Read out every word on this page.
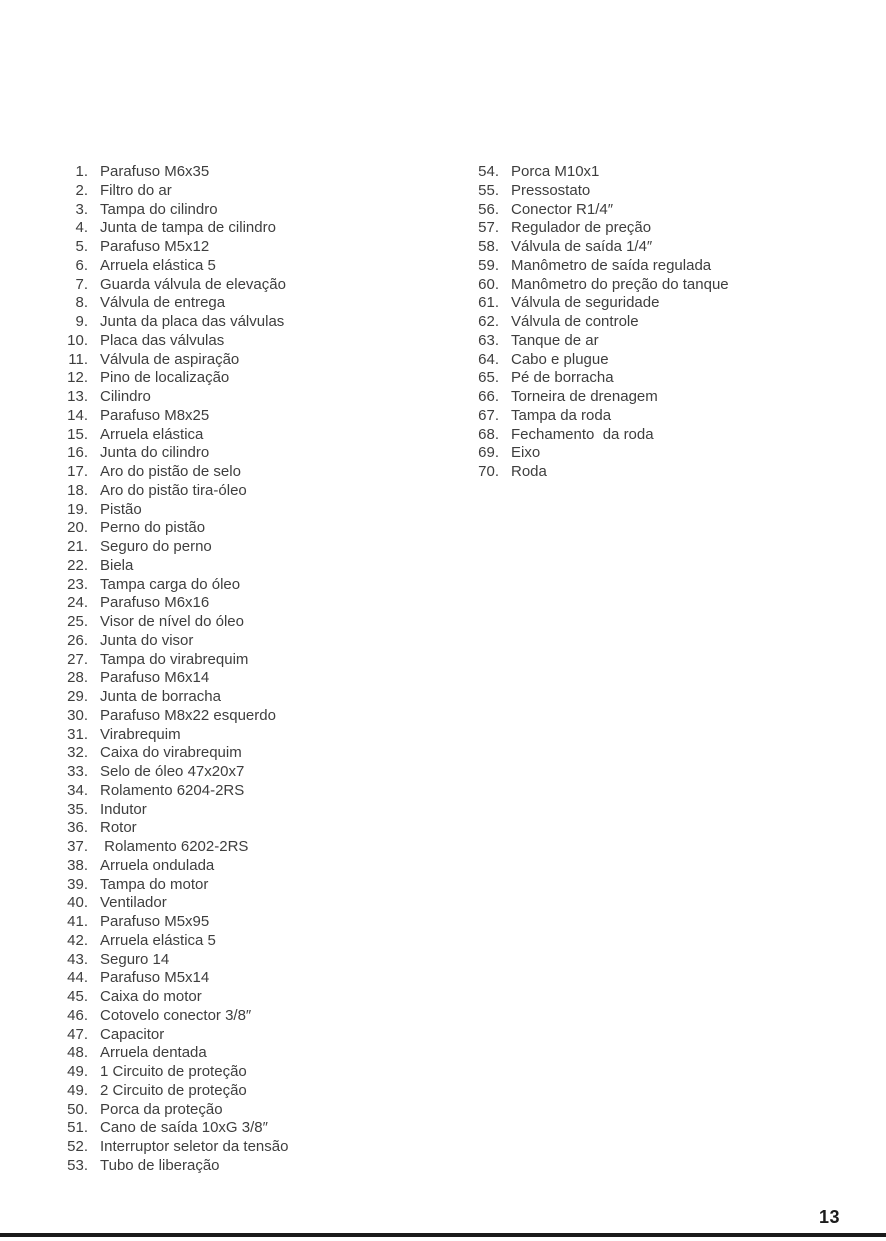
1. Parafuso M6x35
2. Filtro do ar
3. Tampa do cilindro
4. Junta de tampa de cilindro
5. Parafuso M5x12
6. Arruela elástica 5
7. Guarda válvula de elevação
8. Válvula de entrega
9. Junta da placa das válvulas
10. Placa das válvulas
11. Válvula de aspiração
12. Pino de localização
13. Cilindro
14. Parafuso M8x25
15. Arruela elástica
16. Junta do cilindro
17. Aro do pistão de selo
18. Aro do pistão tira-óleo
19. Pistão
20. Perno do pistão
21. Seguro do perno
22. Biela
23. Tampa carga do óleo
24. Parafuso M6x16
25. Visor de nível do óleo
26. Junta do visor
27. Tampa do virabrequim
28. Parafuso M6x14
29. Junta de borracha
30. Parafuso M8x22 esquerdo
31. Virabrequim
32. Caixa do virabrequim
33. Selo de óleo 47x20x7
34. Rolamento 6204-2RS
35. Indutor
36. Rotor
37. Rolamento 6202-2RS
38. Arruela ondulada
39. Tampa do motor
40. Ventilador
41. Parafuso M5x95
42. Arruela elástica 5
43. Seguro 14
44. Parafuso M5x14
45. Caixa do motor
46. Cotovelo conector 3/8″
47. Capacitor
48. Arruela dentada
49. 1 Circuito de proteção
49. 2 Circuito de proteção
50. Porca da proteção
51. Cano de saída 10xG 3/8″
52. Interruptor seletor da tensão
53. Tubo de liberação
54. Porca M10x1
55. Pressostato
56. Conector R1/4″
57. Regulador de preção
58. Válvula de saída 1/4″
59. Manômetro de saída regulada
60. Manômetro do preção do tanque
61. Válvula de seguridade
62. Válvula de controle
63. Tanque de ar
64. Cabo e plugue
65. Pé de borracha
66. Torneira de drenagem
67. Tampa da roda
68. Fechamento  da roda
69. Eixo
70. Roda
13
